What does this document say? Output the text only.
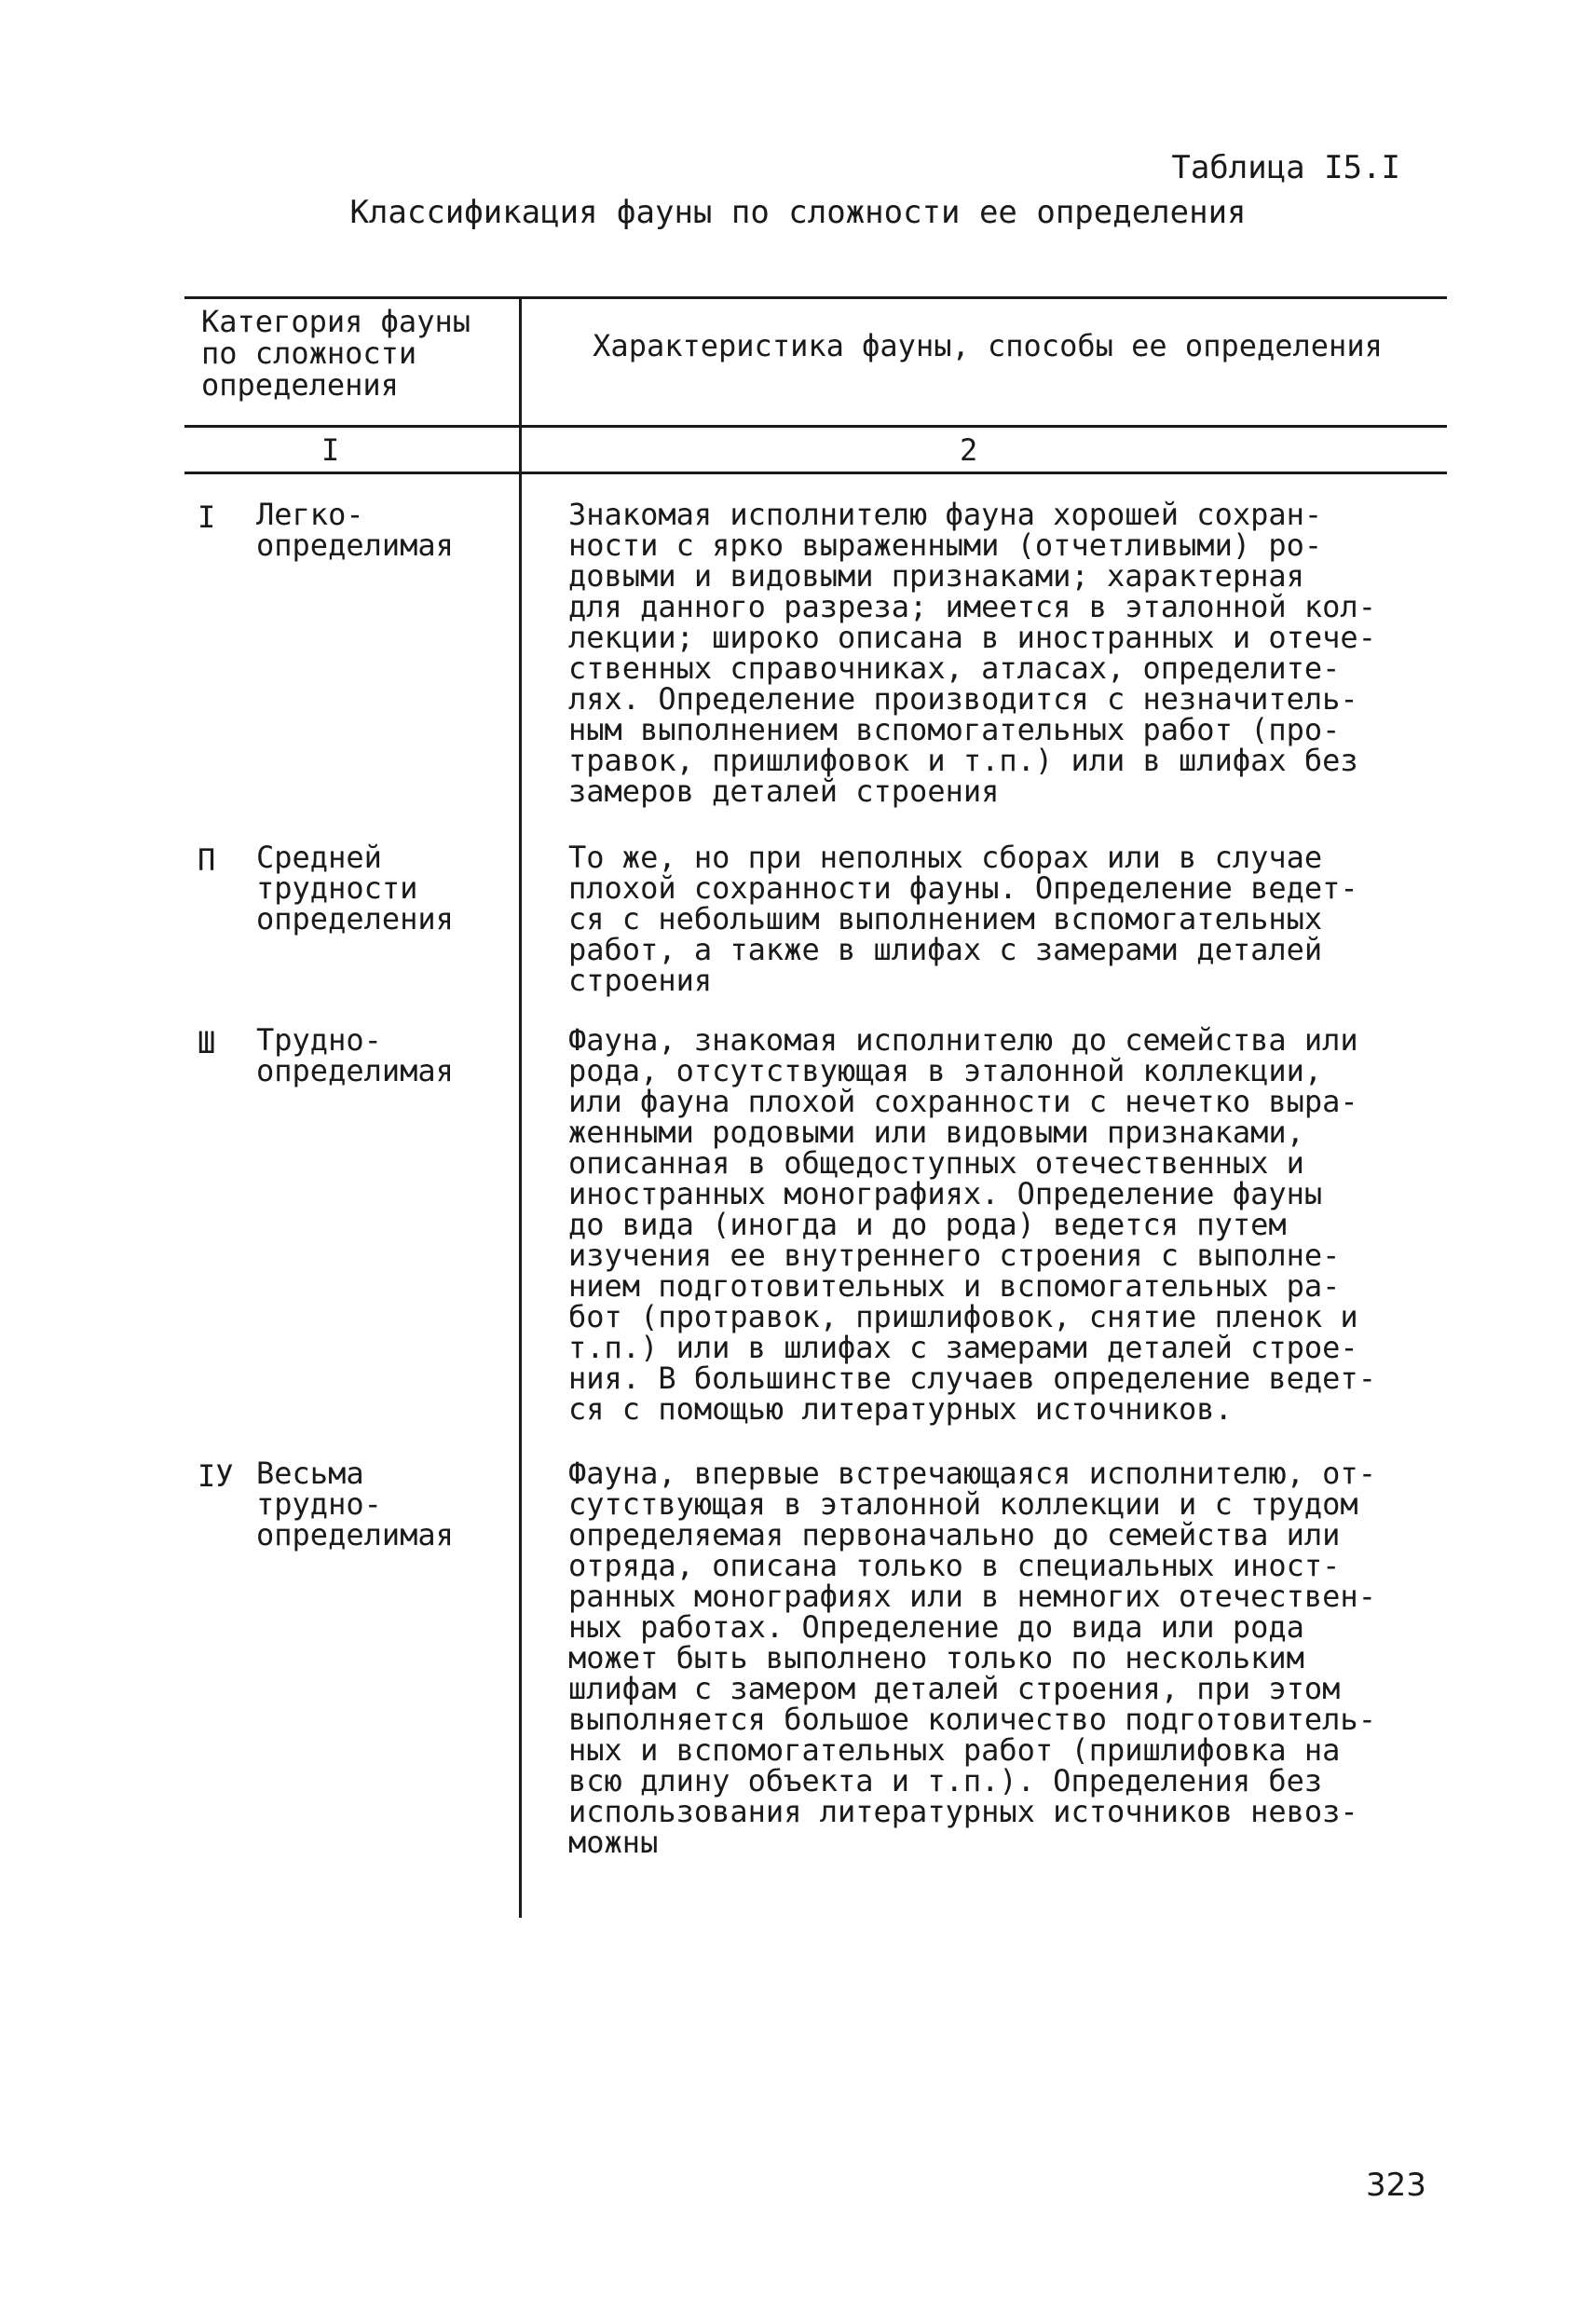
Таблица I5.I
Классификация фауны по сложности ее определения
Категория фауны
по сложности
определения
Характеристика фауны, способы ее определения
I	2
I Легко-
определимая
Знакомая исполнителю фауна хорошей сохран-
ности с ярко выраженными (отчетливыми) ро-
довыми и видовыми признаками; характерная
для данного разреза; имеется в эталонной кол-
лекции; широко описана в иностранных и отече-
ственных справочниках, атласах, определите-
лях. Определение производится с незначитель-
ным выполнением вспомогательных работ (про-
травок, пришлифовок и т.п.) или в шлифах без
замеров деталей строения
П Средней
трудности
определения
То же, но при неполных сборах или в случае
плохой сохранности фауны. Определение ведет-
ся с небольшим выполнением вспомогательных
работ, а также в шлифах с замерами деталей
строения
Ш Трудно-
определимая
Фауна, знакомая исполнителю до семейства или
рода, отсутствующая в эталонной коллекции,
или фауна плохой сохранности с нечетко выра-
женными родовыми или видовыми признаками,
описанная в общедоступных отечественных и
иностранных монографиях. Определение фауны
до вида (иногда и до рода) ведется путем
изучения ее внутреннего строения с выполне-
нием подготовительных и вспомогательных ра-
бот (протравок, пришлифовок, снятие пленок и
т.п.) или в шлифах с замерами деталей строе-
ния. В большинстве случаев определение ведет-
ся с помощью литературных источников.
IУ Весьма
трудно-
определимая
Фауна, впервые встречающаяся исполнителю, от-
сутствующая в эталонной коллекции и с трудом
определяемая первоначально до семейства или
отряда, описана только в специальных иност-
ранных монографиях или в немногих отечествен-
ных работах. Определение до вида или рода
может быть выполнено только по нескольким
шлифам с замером деталей строения, при этом
выполняется большое количество подготовитель-
ных и вспомогательных работ (пришлифовка на
всю длину объекта и т.п.). Определения без
использования литературных источников невоз-
можны
323
